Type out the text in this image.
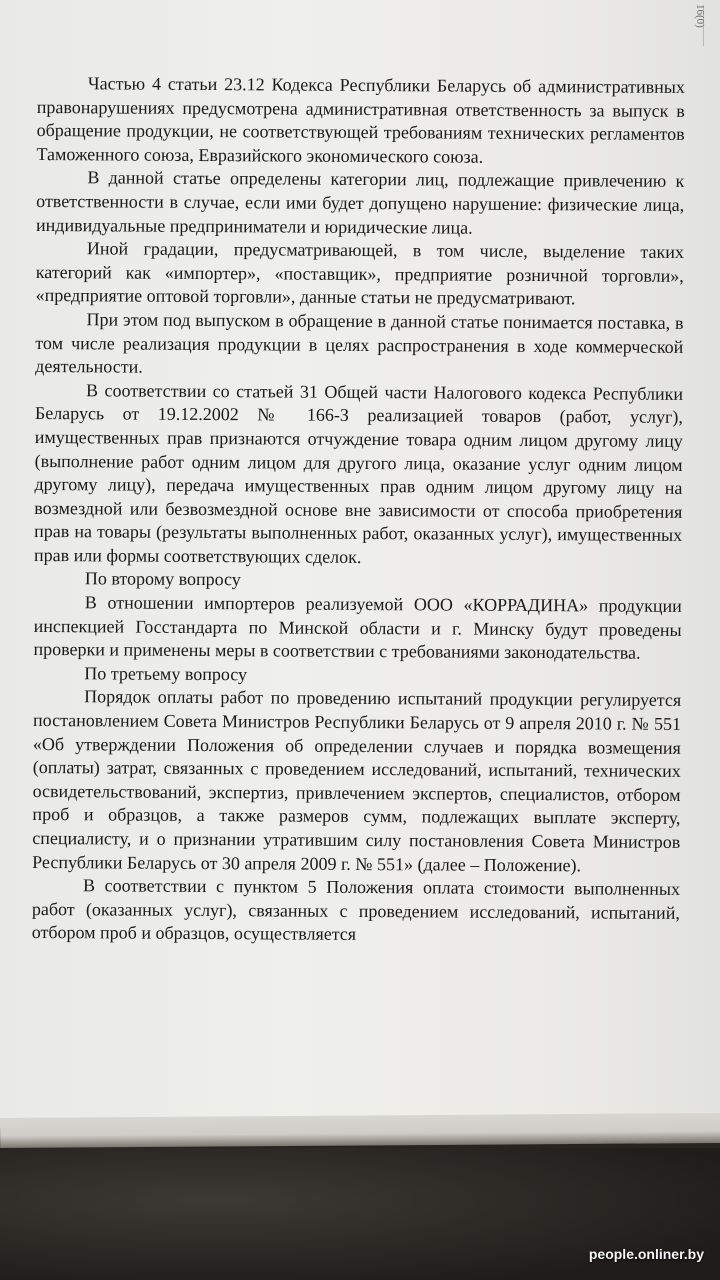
16(0)

Частью 4 статьи 23.12 Кодекса Республики Беларусь об административных правонарушениях предусмотрена административная ответственность за выпуск в обращение продукции, не соответствующей требованиям технических регламентов Таможенного союза, Евразийского экономического союза.

В данной статье определены категории лиц, подлежащие привлечению к ответственности в случае, если ими будет допущено нарушение: физические лица, индивидуальные предприниматели и юридические лица.

Иной градации, предусматривающей, в том числе, выделение таких категорий как «импортер», «поставщик», предприятие розничной торговли», «предприятие оптовой торговли», данные статьи не предусматривают.

При этом под выпуском в обращение в данной статье понимается поставка, в том числе реализация продукции в целях распространения в ходе коммерческой деятельности.

В соответствии со статьей 31 Общей части Налогового кодекса Республики Беларусь от 19.12.2002 № 166-З реализацией товаров (работ, услуг), имущественных прав признаются отчуждение товара одним лицом другому лицу (выполнение работ одним лицом для другого лица, оказание услуг одним лицом другому лицу), передача имущественных прав одним лицом другому лицу на возмездной или безвозмездной основе вне зависимости от способа приобретения прав на товары (результаты выполненных работ, оказанных услуг), имущественных прав или формы соответствующих сделок.

По второму вопросу

В отношении импортеров реализуемой ООО «КОРРАДИНА» продукции инспекцией Госстандарта по Минской области и г. Минску будут проведены проверки и применены меры в соответствии с требованиями законодательства.

По третьему вопросу

Порядок оплаты работ по проведению испытаний продукции регулируется постановлением Совета Министров Республики Беларусь от 9 апреля 2010 г. № 551 «Об утверждении Положения об определении случаев и порядка возмещения (оплаты) затрат, связанных с проведением исследований, испытаний, технических освидетельствований, экспертиз, привлечением экспертов, специалистов, отбором проб и образцов, а также размеров сумм, подлежащих выплате эксперту, специалисту, и о признании утратившим силу постановления Совета Министров Республики Беларусь от 30 апреля 2009 г. № 551» (далее – Положение).

В соответствии с пунктом 5 Положения оплата стоимости выполненных работ (оказанных услуг), связанных с проведением исследований, испытаний, отбором проб и образцов, осуществляется

people.onliner.by
